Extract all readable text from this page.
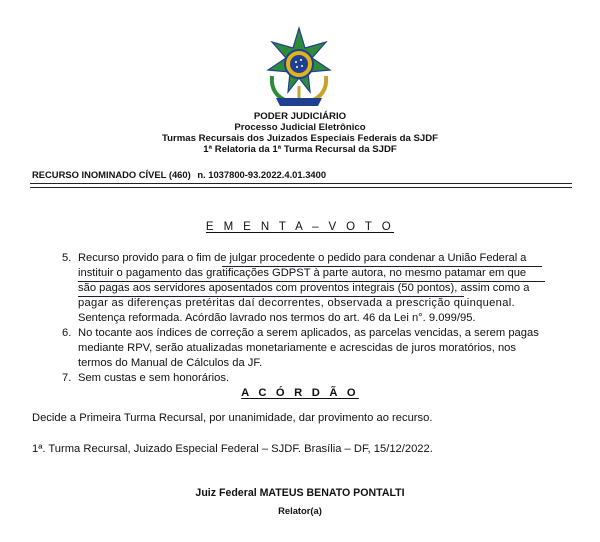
PODER JUDICIÁRIO
Processo Judicial Eletrônico
Turmas Recursais dos Juizados Especiais Federais da SJDF
1ª Relatoria da 1ª Turma Recursal da SJDF
RECURSO INOMINADO CÍVEL (460) n. 1037800-93.2022.4.01.3400
E M E N T A – V O T O
5. Recurso provido para o fim de julgar procedente o pedido para condenar a União Federal a
instituir o pagamento das gratificações GDPST à parte autora, no mesmo patamar em que
são pagas aos servidores aposentados com proventos integrais (50 pontos), assim como a
pagar as diferenças pretéritas daí decorrentes, observada a prescrição quinquenal.
Sentença reformada. Acórdão lavrado nos termos do art. 46 da Lei n°. 9.099/95.
6. No tocante aos índices de correção a serem aplicados, as parcelas vencidas, a serem pagas
mediante RPV, serão atualizadas monetariamente e acrescidas de juros moratórios, nos
termos do Manual de Cálculos da JF.
7. Sem custas e sem honorários.
A C Ó R D Ã O
Decide a Primeira Turma Recursal, por unanimidade, dar provimento ao recurso.
1ª. Turma Recursal, Juizado Especial Federal – SJDF. Brasília – DF, 15/12/2022.
Juiz Federal MATEUS BENATO PONTALTI
Relator(a)
